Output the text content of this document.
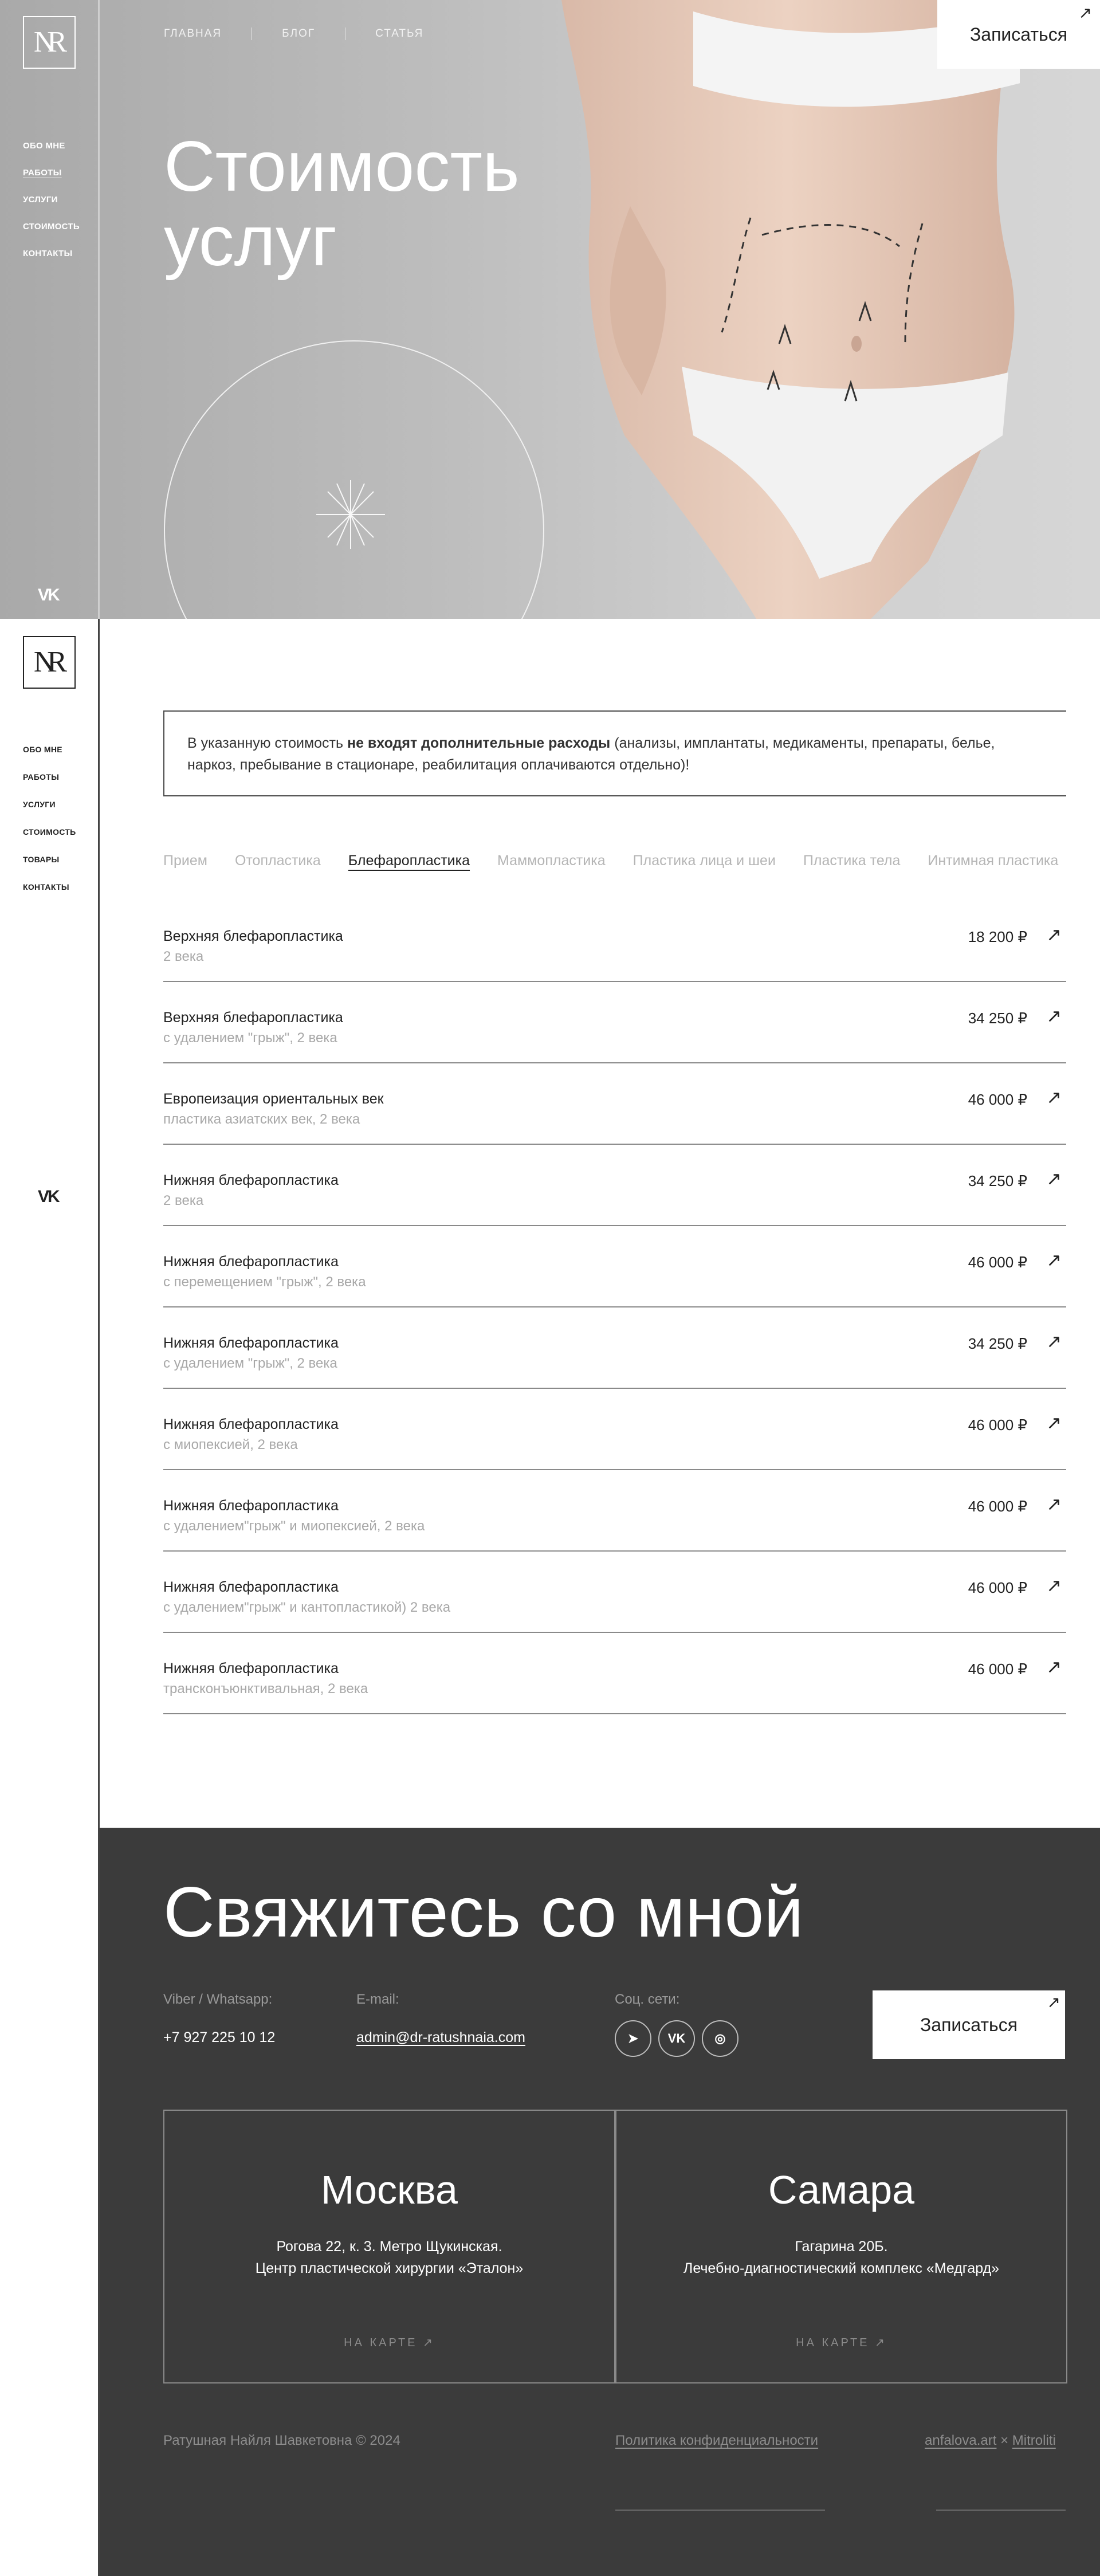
ГЛАВНАЯ	БЛОГ	СТАТЬЯ
Стоимость
услуг
Записаться
↗
NR
ОБО МНЕ
РАБОТЫ
УСЛУГИ
СТОИМОСТЬ
КОНТАКТЫ
VK
NR
ОБО МНЕ
РАБОТЫ
УСЛУГИ
СТОИМОСТЬ
ТОВАРЫ
КОНТАКТЫ
VK
В указанную стоимость не входят дополнительные расходы (анализы, имплантаты, медикаменты, препараты, белье, наркоз, пребывание в стационаре, реабилитация оплачиваются отдельно)!
Прием Отопластика Блефаропластика Маммопластика Пластика лица и шеи Пластика тела Интимная пластика
Верхняя блефаропластика
2 века
18 200 ₽ ↗
Верхняя блефаропластика
с удалением "грыж", 2 века
34 250 ₽ ↗
Европеизация ориентальных век
пластика азиатских век, 2 века
46 000 ₽ ↗
Нижняя блефаропластика
2 века
34 250 ₽ ↗
Нижняя блефаропластика
с перемещением "грыж", 2 века
46 000 ₽ ↗
Нижняя блефаропластика
с удалением "грыж", 2 века
34 250 ₽ ↗
Нижняя блефаропластика
с миопексией, 2 века
46 000 ₽ ↗
Нижняя блефаропластика
с удалением"грыж" и миопексией, 2 века
46 000 ₽ ↗
Нижняя блефаропластика
с удалением"грыж" и кантопластикой) 2 века
46 000 ₽ ↗
Нижняя блефаропластика
трансконъюнктивальная, 2 века
46 000 ₽ ↗
Свяжитесь со мной
Viber / Whatsapp:
+7 927 225 10 12
E-mail:
admin@dr-ratushnaia.com
Соц. сети:
➤	VK	◎
Записаться
↗
Москва
Рогова 22, к. 3. Метро Щукинская.
Центр пластической хирургии «Эталон»
НА КАРТЕ ↗
Самара
Гагарина 20Б.
Лечебно-диагностический комплекс «Медгард»
НА КАРТЕ ↗
Ратушная Найля Шавкетовна © 2024	Политика конфиденциальности	anfalova.art × Mitroliti
